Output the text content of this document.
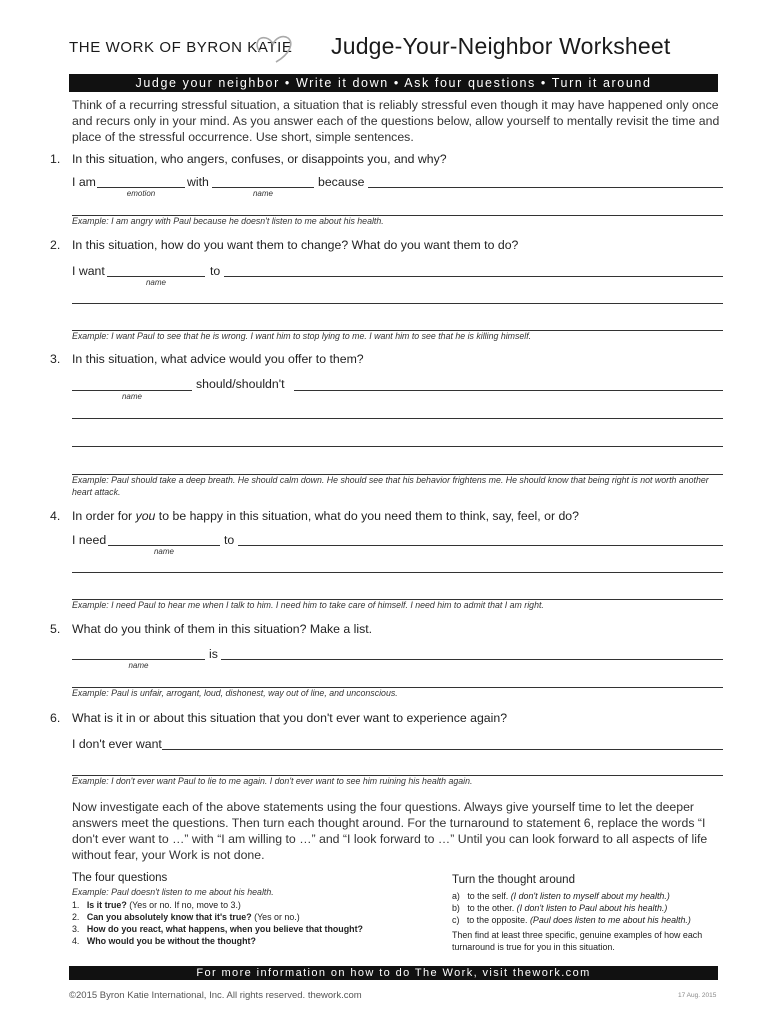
THE WORK OF BYRON KATIE Judge-Your-Neighbor Worksheet
Judge your neighbor • Write it down • Ask four questions • Turn it around
Think of a recurring stressful situation, a situation that is reliably stressful even though it may have happened only once and recurs only in your mind. As you answer each of the questions below, allow yourself to mentally revisit the time and place of the stressful occurrence. Use short, simple sentences.
1. In this situation, who angers, confuses, or disappoints you, and why?
I am
emotion
with
name
because
Example: I am angry with Paul because he doesn't listen to me about his health.
2. In this situation, how do you want them to change? What do you want them to do?
I want
name
to
Example: I want Paul to see that he is wrong. I want him to stop lying to me. I want him to see that he is killing himself.
3. In this situation, what advice would you offer to them?
name
should/shouldn't
Example: Paul should take a deep breath. He should calm down. He should see that his behavior frightens me. He should know that being right is not worth another heart attack.
4. In order for you to be happy in this situation, what do you need them to think, say, feel, or do?
I need
name
to
Example: I need Paul to hear me when I talk to him. I need him to take care of himself. I need him to admit that I am right.
5. What do you think of them in this situation? Make a list.
name
is
Example: Paul is unfair, arrogant, loud, dishonest, way out of line, and unconscious.
6. What is it in or about this situation that you don't ever want to experience again?
I don't ever want
Example: I don't ever want Paul to lie to me again. I don't ever want to see him ruining his health again.
Now investigate each of the above statements using the four questions. Always give yourself time to let the deeper answers meet the questions. Then turn each thought around. For the turnaround to statement 6, replace the words “I don't ever want to …” with “I am willing to …” and “I look forward to …” Until you can look forward to all aspects of life without fear, your Work is not done.
The four questions
Example: Paul doesn't listen to me about his health.
1. Is it true? (Yes or no. If no, move to 3.)
2. Can you absolutely know that it's true? (Yes or no.)
3. How do you react, what happens, when you believe that thought?
4. Who would you be without the thought?
Turn the thought around
a) to the self. (I don't listen to myself about my health.)
b) to the other. (I don't listen to Paul about his health.)
c) to the opposite. (Paul does listen to me about his health.)
Then find at least three specific, genuine examples of how each turnaround is true for you in this situation.
For more information on how to do The Work, visit thework.com
©2015 Byron Katie International, Inc. All rights reserved. thework.com	17 Aug. 2015
